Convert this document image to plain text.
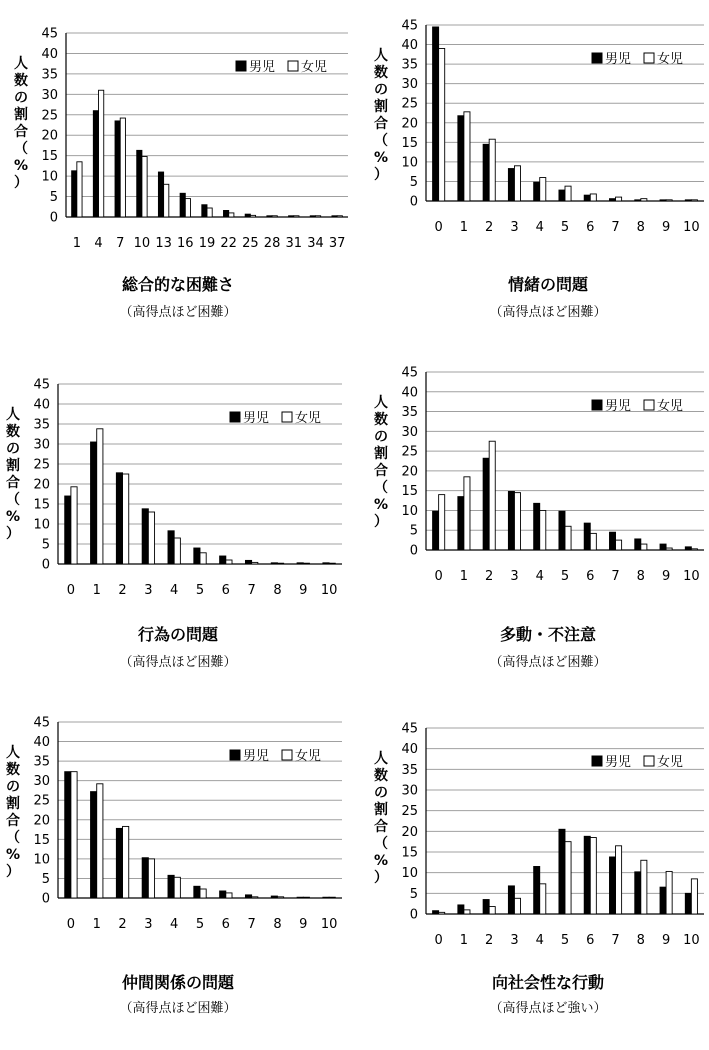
0
5
10
15
20
25
30
35
40
45
1 4 7 10 13 16 19 22 25 28 31 34 37
男児 女児
人
数
の
割
合
（
%
）
総合的な困難さ
（高得点ほど困難）
0
5
10
15
20
25
30
35
40
45
0 1 2 3 4 5 6 7 8 9 10
男児 女児
人
数
の
割
合
（
%
）
情緒の問題
（高得点ほど困難）
0
5
10
15
20
25
30
35
40
45
0 1 2 3 4 5 6 7 8 9 10
男児 女児
人
数
の
割
合
（
%
）
行為の問題
（高得点ほど困難）
0
5
10
15
20
25
30
35
40
45
0 1 2 3 4 5 6 7 8 9 10
男児 女児
人
数
の
割
合
（
%
）
多動・不注意
（高得点ほど困難）
0
5
10
15
20
25
30
35
40
45
0 1 2 3 4 5 6 7 8 9 10
男児 女児
人
数
の
割
合
（
%
）
仲間関係の問題
（高得点ほど困難）
0
5
10
15
20
25
30
35
40
45
0 1 2 3 4 5 6 7 8 9 10
男児 女児
人
数
の
割
合
（
%
）
向社会性な行動
（高得点ほど強い）
